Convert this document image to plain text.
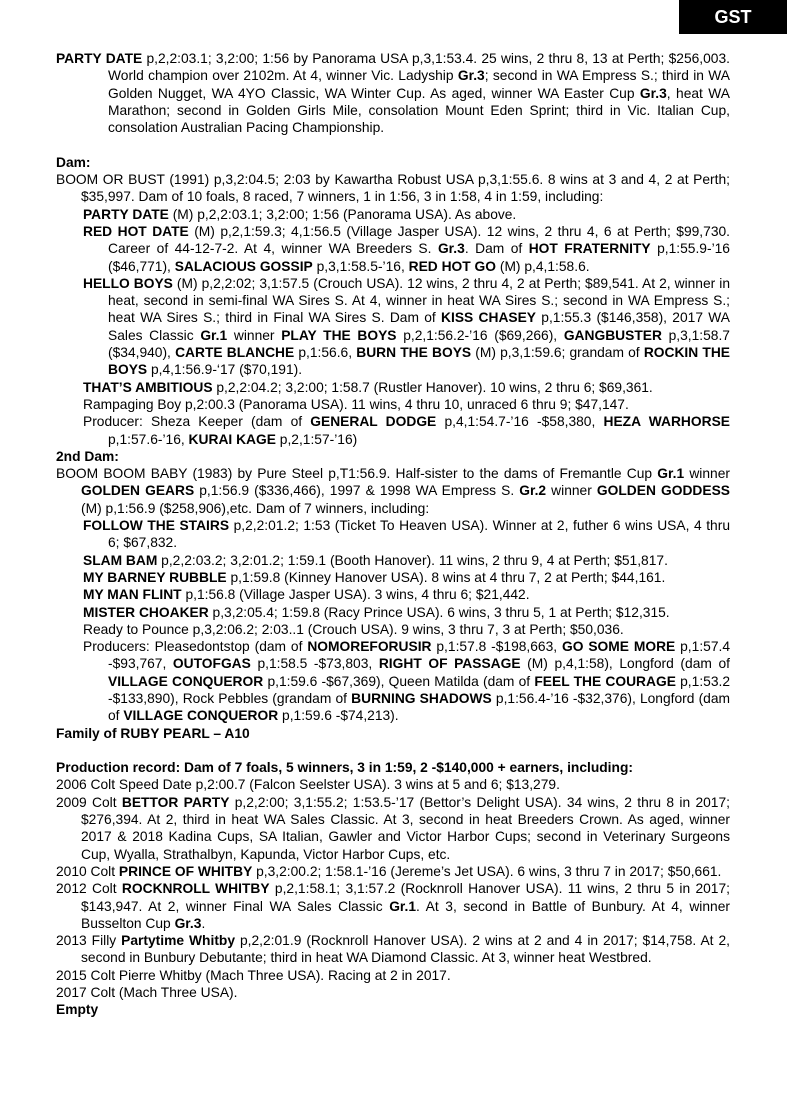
GST

PARTY DATE p,2,2:03.1; 3,2:00; 1:56 by Panorama USA p,3,1:53.4. 25 wins, 2 thru 8, 13 at Perth; $256,003. World champion over 2102m. At 4, winner Vic. Ladyship Gr.3; second in WA Empress S.; third in WA Golden Nugget, WA 4YO Classic, WA Winter Cup. As aged, winner WA Easter Cup Gr.3, heat WA Marathon; second in Golden Girls Mile, consolation Mount Eden Sprint; third in Vic. Italian Cup, consolation Australian Pacing Championship.

Dam:

BOOM OR BUST (1991) p,3,2:04.5; 2:03 by Kawartha Robust USA p,3,1:55.6. 8 wins at 3 and 4, 2 at Perth; $35,997. Dam of 10 foals, 8 raced, 7 winners, 1 in 1:56, 3 in 1:58, 4 in 1:59, including:

PARTY DATE (M) p,2,2:03.1; 3,2:00; 1:56 (Panorama USA). As above.

RED HOT DATE (M) p,2,1:59.3; 4,1:56.5 (Village Jasper USA). 12 wins, 2 thru 4, 6 at Perth; $99,730. Career of 44-12-7-2. At 4, winner WA Breeders S. Gr.3. Dam of HOT FRATERNITY p,1:55.9-’16 ($46,771), SALACIOUS GOSSIP p,3,1:58.5-’16, RED HOT GO (M) p,4,1:58.6.

HELLO BOYS (M) p,2,2:02; 3,1:57.5 (Crouch USA). 12 wins, 2 thru 4, 2 at Perth; $89,541. At 2, winner in heat, second in semi-final WA Sires S. At 4, winner in heat WA Sires S.; second in WA Empress S.; heat WA Sires S.; third in Final WA Sires S. Dam of KISS CHASEY p,1:55.3 ($146,358), 2017 WA Sales Classic Gr.1 winner PLAY THE BOYS p,2,1:56.2-’16 ($69,266), GANGBUSTER p,3,1:58.7 ($34,940), CARTE BLANCHE p,1:56.6, BURN THE BOYS (M) p,3,1:59.6; grandam of ROCKIN THE BOYS p,4,1:56.9-‘17 ($70,191).

THAT’S AMBITIOUS p,2,2:04.2; 3,2:00; 1:58.7 (Rustler Hanover). 10 wins, 2 thru 6; $69,361.

Rampaging Boy p,2:00.3 (Panorama USA). 11 wins, 4 thru 10, unraced 6 thru 9; $47,147.

Producer: Sheza Keeper (dam of GENERAL DODGE p,4,1:54.7-’16 -$58,380, HEZA WARHORSE p,1:57.6-’16, KURAI KAGE p,2,1:57-’16)

2nd Dam:

BOOM BOOM BABY (1983) by Pure Steel p,T1:56.9. Half-sister to the dams of Fremantle Cup Gr.1 winner GOLDEN GEARS p,1:56.9 ($336,466), 1997 & 1998 WA Empress S. Gr.2 winner GOLDEN GODDESS (M) p,1:56.9 ($258,906),etc. Dam of 7 winners, including:

FOLLOW THE STAIRS p,2,2:01.2; 1:53 (Ticket To Heaven USA). Winner at 2, futher 6 wins USA, 4 thru 6; $67,832.

SLAM BAM p,2,2:03.2; 3,2:01.2; 1:59.1 (Booth Hanover). 11 wins, 2 thru 9, 4 at Perth; $51,817.

MY BARNEY RUBBLE p,1:59.8 (Kinney Hanover USA). 8 wins at 4 thru 7, 2 at Perth; $44,161.

MY MAN FLINT p,1:56.8 (Village Jasper USA). 3 wins, 4 thru 6; $21,442.

MISTER CHOAKER p,3,2:05.4; 1:59.8 (Racy Prince USA). 6 wins, 3 thru 5, 1 at Perth; $12,315.

Ready to Pounce p,3,2:06.2; 2:03..1 (Crouch USA). 9 wins, 3 thru 7, 3 at Perth; $50,036.

Producers: Pleasedontstop (dam of NOMOREFORUSIR p,1:57.8 -$198,663, GO SOME MORE p,1:57.4 -$93,767, OUTOFGAS p,1:58.5 -$73,803, RIGHT OF PASSAGE (M) p,4,1:58), Longford (dam of VILLAGE CONQUEROR p,1:59.6 -$67,369), Queen Matilda (dam of FEEL THE COURAGE p,1:53.2 -$133,890), Rock Pebbles (grandam of BURNING SHADOWS p,1:56.4-’16 -$32,376), Longford (dam of VILLAGE CONQUEROR p,1:59.6 -$74,213).

Family of RUBY PEARL – A10

Production record: Dam of 7 foals, 5 winners, 3 in 1:59, 2 -$140,000 + earners, including:

2006 Colt Speed Date p,2:00.7 (Falcon Seelster USA). 3 wins at 5 and 6; $13,279.

2009 Colt BETTOR PARTY p,2,2:00; 3,1:55.2; 1:53.5-’17 (Bettor’s Delight USA). 34 wins, 2 thru 8 in 2017; $276,394. At 2, third in heat WA Sales Classic. At 3, second in heat Breeders Crown. As aged, winner 2017 & 2018 Kadina Cups, SA Italian, Gawler and Victor Harbor Cups; second in Veterinary Surgeons Cup, Wyalla, Strathalbyn, Kapunda, Victor Harbor Cups, etc.

2010 Colt PRINCE OF WHITBY p,3,2:00.2; 1:58.1-’16 (Jereme’s Jet USA). 6 wins, 3 thru 7 in 2017; $50,661.

2012 Colt ROCKNROLL WHITBY p,2,1:58.1; 3,1:57.2 (Rocknroll Hanover USA). 11 wins, 2 thru 5 in 2017; $143,947. At 2, winner Final WA Sales Classic Gr.1. At 3, second in Battle of Bunbury. At 4, winner Busselton Cup Gr.3.

2013 Filly Partytime Whitby p,2,2:01.9 (Rocknroll Hanover USA). 2 wins at 2 and 4 in 2017; $14,758. At 2, second in Bunbury Debutante; third in heat WA Diamond Classic. At 3, winner heat Westbred.

2015 Colt Pierre Whitby (Mach Three USA). Racing at 2 in 2017.

2017 Colt (Mach Three USA).

Empty
